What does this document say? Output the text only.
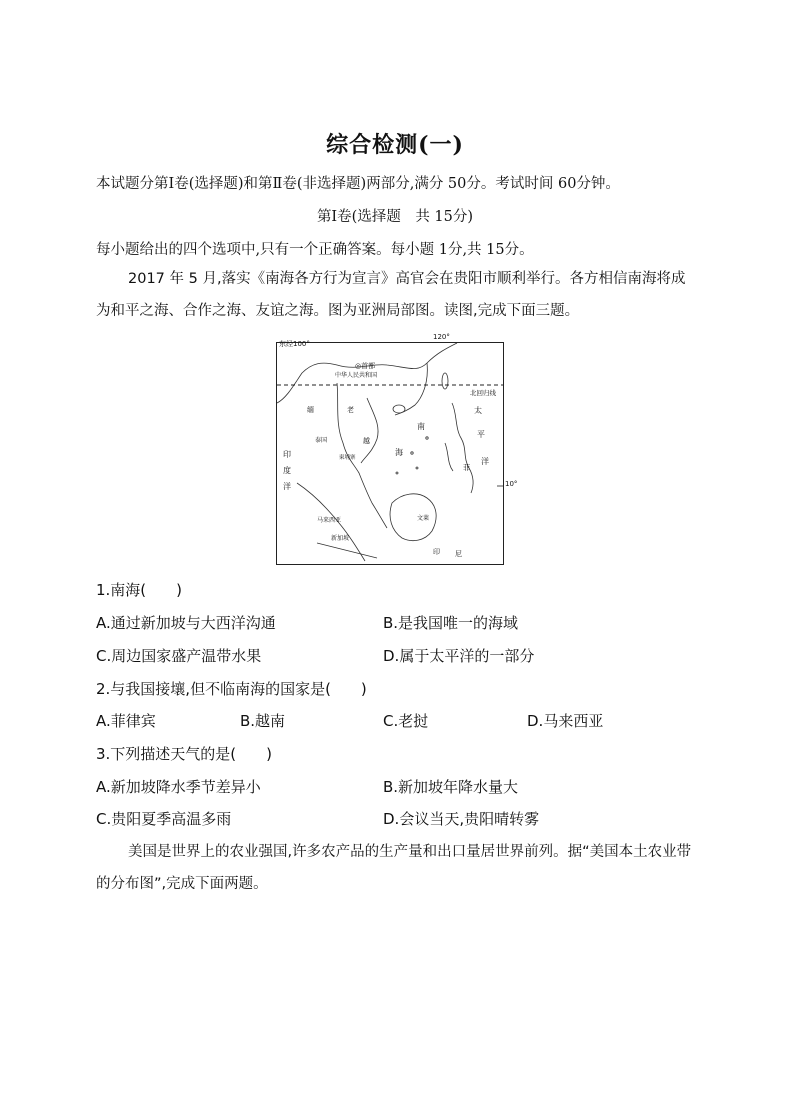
综合检测(一)
本试题分第Ⅰ卷(选择题)和第Ⅱ卷(非选择题)两部分,满分 50分。考试时间 60分钟。
第Ⅰ卷(选择题　共 15分)
每小题给出的四个选项中,只有一个正确答案。每小题 1分,共 15分。
2017 年 5 月,落实《南海各方行为宣言》高官会在贵阳市顺利举行。各方相信南海将成为和平之海、合作之海、友谊之海。图为亚洲局部图。读图,完成下面三题。
东经100°
120°
◎首都
中华人民共和国
北回归线
10°
太
平
洋
南
海
印
度
洋
泰国
柬埔寨
越
老
缅
马来西亚
新加坡
文莱
菲
印 尼
1.南海(　　)
A.通过新加坡与大西洋沟通	B.是我国唯一的海域
C.周边国家盛产温带水果	D.属于太平洋的一部分
2.与我国接壤,但不临南海的国家是(　　)
A.菲律宾	B.越南	C.老挝	D.马来西亚
3.下列描述天气的是(　　)
A.新加坡降水季节差异小	B.新加坡年降水量大
C.贵阳夏季高温多雨	D.会议当天,贵阳晴转雾
美国是世界上的农业强国,许多农产品的生产量和出口量居世界前列。据“美国本土农业带的分布图”,完成下面两题。
